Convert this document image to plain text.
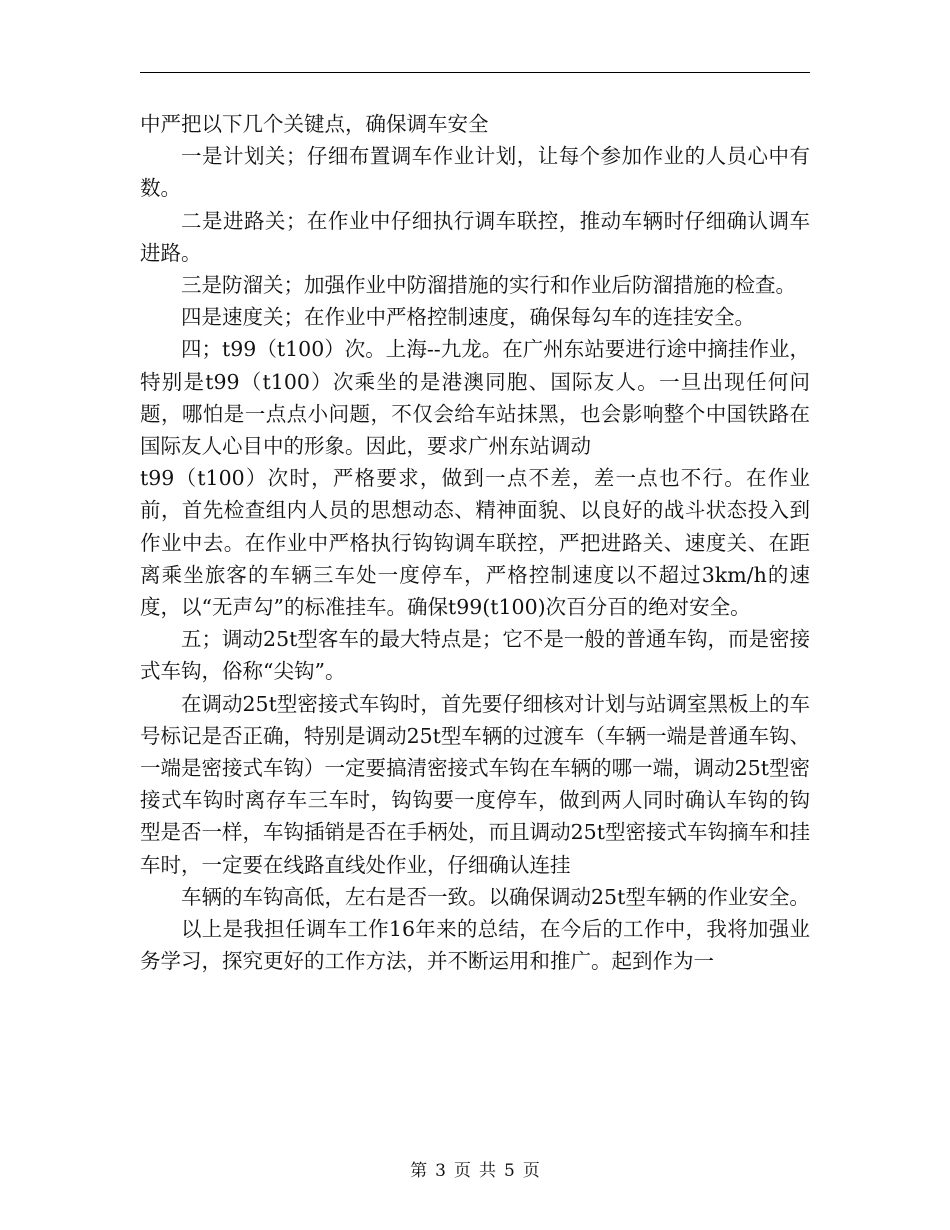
中严把以下几个关键点，确保调车安全

一是计划关；仔细布置调车作业计划，让每个参加作业的人员心中有数。

二是进路关；在作业中仔细执行调车联控，推动车辆时仔细确认调车进路。

三是防溜关；加强作业中防溜措施的实行和作业后防溜措施的检查。

四是速度关；在作业中严格控制速度，确保每勾车的连挂安全。

四；t99（t100）次。上海--九龙。在广州东站要进行途中摘挂作业，特别是t99（t100）次乘坐的是港澳同胞、国际友人。一旦出现任何问题，哪怕是一点点小问题，不仅会给车站抹黑，也会影响整个中国铁路在国际友人心目中的形象。因此，要求广州东站调动

t99（t100）次时，严格要求，做到一点不差，差一点也不行。在作业前，首先检查组内人员的思想动态、精神面貌、以良好的战斗状态投入到作业中去。在作业中严格执行钩钩调车联控，严把进路关、速度关、在距离乘坐旅客的车辆三车处一度停车，严格控制速度以不超过3km/h的速度，以“无声勾”的标准挂车。确保t99(t100)次百分百的绝对安全。

五；调动25t型客车的最大特点是；它不是一般的普通车钩，而是密接式车钩，俗称“尖钩”。

在调动25t型密接式车钩时，首先要仔细核对计划与站调室黑板上的车号标记是否正确，特别是调动25t型车辆的过渡车（车辆一端是普通车钩、一端是密接式车钩）一定要搞清密接式车钩在车辆的哪一端，调动25t型密接式车钩时离存车三车时，钩钩要一度停车，做到两人同时确认车钩的钩型是否一样，车钩插销是否在手柄处，而且调动25t型密接式车钩摘车和挂车时，一定要在线路直线处作业，仔细确认连挂

车辆的车钩高低，左右是否一致。以确保调动25t型车辆的作业安全。

以上是我担任调车工作16年来的总结，在今后的工作中，我将加强业务学习，探究更好的工作方法，并不断运用和推广。起到作为一

第 3 页 共 5 页
